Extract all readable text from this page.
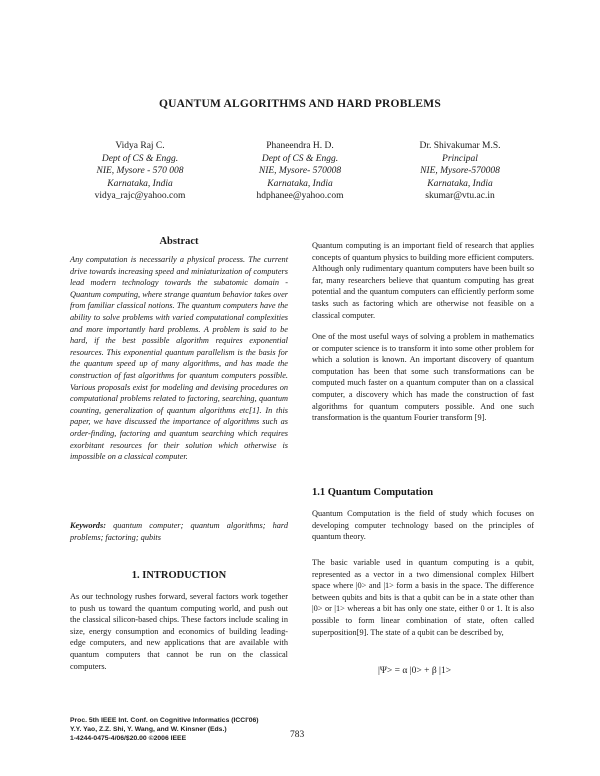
QUANTUM ALGORITHMS AND HARD PROBLEMS
Vidya Raj C.
Dept of CS & Engg.
NIE, Mysore - 570 008
Karnataka, India
vidya_rajc@yahoo.com
Phaneendra H. D.
Dept of CS & Engg.
NIE, Mysore- 570008
Karnataka, India
hdphanee@yahoo.com
Dr. Shivakumar M.S.
Principal
NIE, Mysore-570008
Karnataka, India
skumar@vtu.ac.in
Abstract

Any computation is necessarily a physical process. The current drive towards increasing speed and miniaturization of computers lead modern technology towards the subatomic domain - Quantum computing, where strange quantum behavior takes over from familiar classical notions. The quantum computers have the ability to solve problems with varied computational complexities and more importantly hard problems. A problem is said to be hard, if the best possible algorithm requires exponential resources. This exponential quantum parallelism is the basis for the quantum speed up of many algorithms, and has made the construction of fast algorithms for quantum computers possible. Various proposals exist for modeling and devising procedures on computational problems related to factoring, searching, quantum counting, generalization of quantum algorithms etc[1]. In this paper, we have discussed the importance of algorithms such as order-finding, factoring and quantum searching which requires exorbitant resources for their solution which otherwise is impossible on a classical computer.

Keywords: quantum computer; quantum algorithms; hard problems; factoring; qubits
1. INTRODUCTION

As our technology rushes forward, several factors work together to push us toward the quantum computing world, and push out the classical silicon-based chips. These factors include scaling in size, energy consumption and economics of building leading-edge computers, and new applications that are available with quantum computers that cannot be run on the classical computers.

Quantum computing is an important field of research that applies concepts of quantum physics to building more efficient computers. Although only rudimentary quantum computers have been built so far, many researchers believe that quantum computing has great potential and the quantum computers can efficiently perform some tasks such as factoring which are otherwise not feasible on a classical computer.

One of the most useful ways of solving a problem in mathematics or computer science is to transform it into some other problem for which a solution is known. An important discovery of quantum computation has been that some such transformations can be computed much faster on a quantum computer than on a classical computer, a discovery which has made the construction of fast algorithms for quantum computers possible. And one such transformation is the quantum Fourier transform [9].

1.1 Quantum Computation

Quantum Computation is the field of study which focuses on developing computer technology based on the principles of quantum theory.

The basic variable used in quantum computing is a qubit, represented as a vector in a two dimensional complex Hilbert space where |0> and |1> form a basis in the space. The difference between qubits and bits is that a qubit can be in a state other than |0> or |1> whereas a bit has only one state, either 0 or 1. It is also possible to form linear combination of state, often called superposition[9]. The state of a qubit can be described by,

|Ψ> = α |0> + β |1>
Proc. 5th IEEE Int. Conf. on Cognitive Informatics (ICCI'06)
Y.Y. Yao, Z.Z. Shi, Y. Wang, and W. Kinsner (Eds.)
1-4244-0475-4/06/$20.00 ©2006 IEEE	783
